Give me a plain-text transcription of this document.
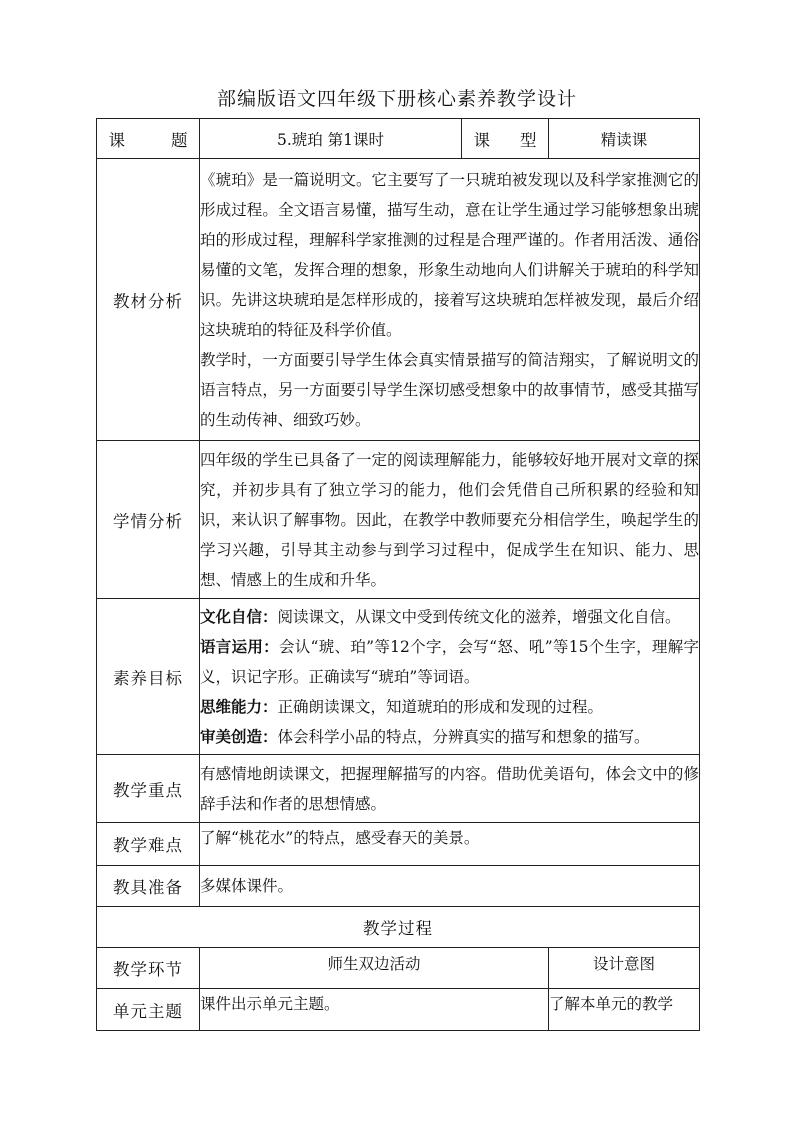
部编版语文四年级下册核心素养教学设计
课 题	5.琥珀 第1课时	课 型	精读课
教材分析	《琥珀》是一篇说明文。它主要写了一只琥珀被发现以及科学家推测它的形成过程。全文语言易懂，描写生动，意在让学生通过学习能够想象出琥珀的形成过程，理解科学家推测的过程是合理严谨的。作者用活泼、通俗易懂的文笔，发挥合理的想象，形象生动地向人们讲解关于琥珀的科学知识。先讲这块琥珀是怎样形成的，接着写这块琥珀怎样被发现，最后介绍这块琥珀的特征及科学价值。

教学时，一方面要引导学生体会真实情景描写的简洁翔实，了解说明文的语言特点，另一方面要引导学生深切感受想象中的故事情节，感受其描写的生动传神、细致巧妙。		

学情分析	四年级的学生已具备了一定的阅读理解能力，能够较好地开展对文章的探究，并初步具有了独立学习的能力，他们会凭借自己所积累的经验和知识，来认识了解事物。因此，在教学中教师要充分相信学生，唤起学生的学习兴趣，引导其主动参与到学习过程中，促成学生在知识、能力、思想、情感上的生成和升华。		
素养目标	文化自信：阅读课文，从课文中受到传统文化的滋养，增强文化自信。

语言运用：会认“琥、珀”等12个字，会写“怒、吼”等15个生字，理解字义，识记字形。正确读写“琥珀”等词语。

思维能力：正确朗读课文，知道琥珀的形成和发现的过程。

审美创造：体会科学小品的特点，分辨真实的描写和想象的描写。		

教学重点	有感情地朗读课文，把握理解描写的内容。借助优美语句，体会文中的修辞手法和作者的思想情感。		
教学难点	了解“桃花水”的特点，感受春天的美景。		
教具准备	多媒体课件。		
教学过程			
教学环节	师生双边活动		设计意图
单元主题	课件出示单元主题。		了解本单元的教学
